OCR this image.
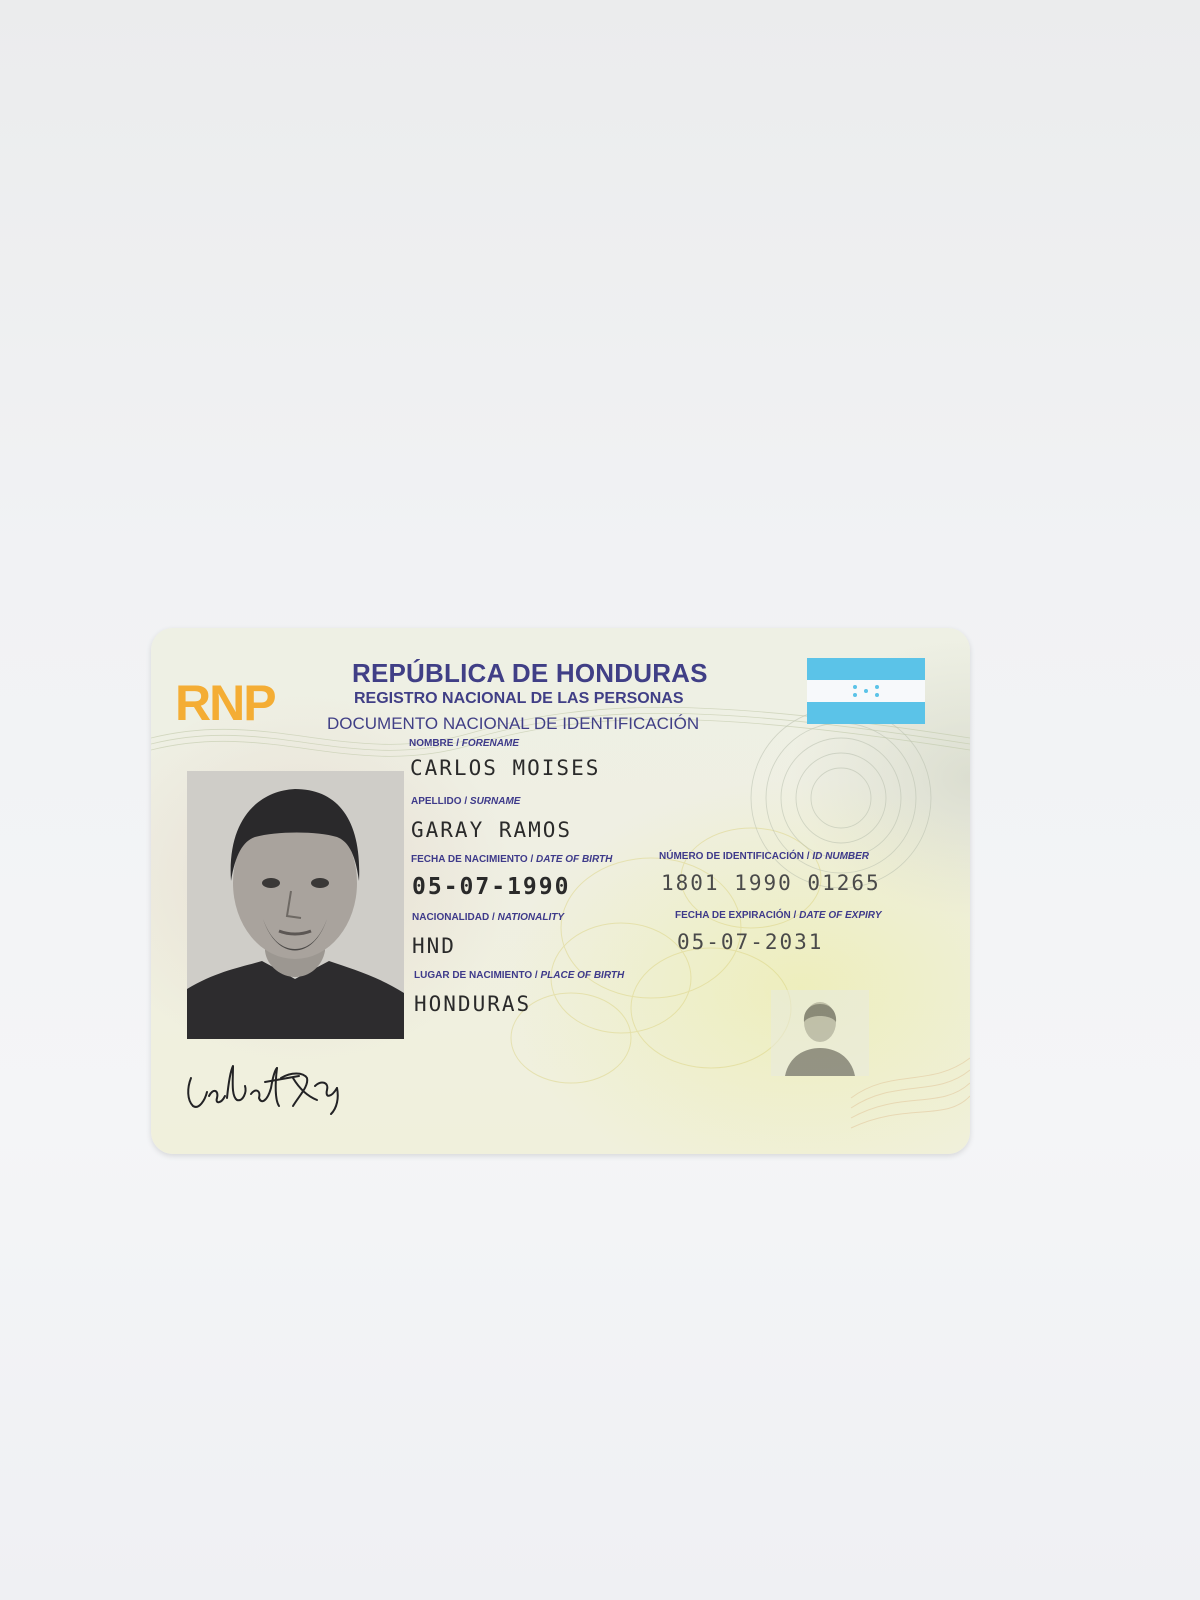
RNP
REPÚBLICA DE HONDURAS
REGISTRO NACIONAL DE LAS PERSONAS
DOCUMENTO NACIONAL DE IDENTIFICACIÓN
NOMBRE / FORENAME
CARLOS MOISES
APELLIDO / SURNAME
GARAY RAMOS
FECHA DE NACIMIENTO / DATE OF BIRTH
05-07-1990
NÚMERO DE IDENTIFICACIÓN / ID NUMBER
1801 1990 01265
NACIONALIDAD / NATIONALITY
HND
FECHA DE EXPIRACIÓN / DATE OF EXPIRY
05-07-2031
LUGAR DE NACIMIENTO / PLACE OF BIRTH
HONDURAS
